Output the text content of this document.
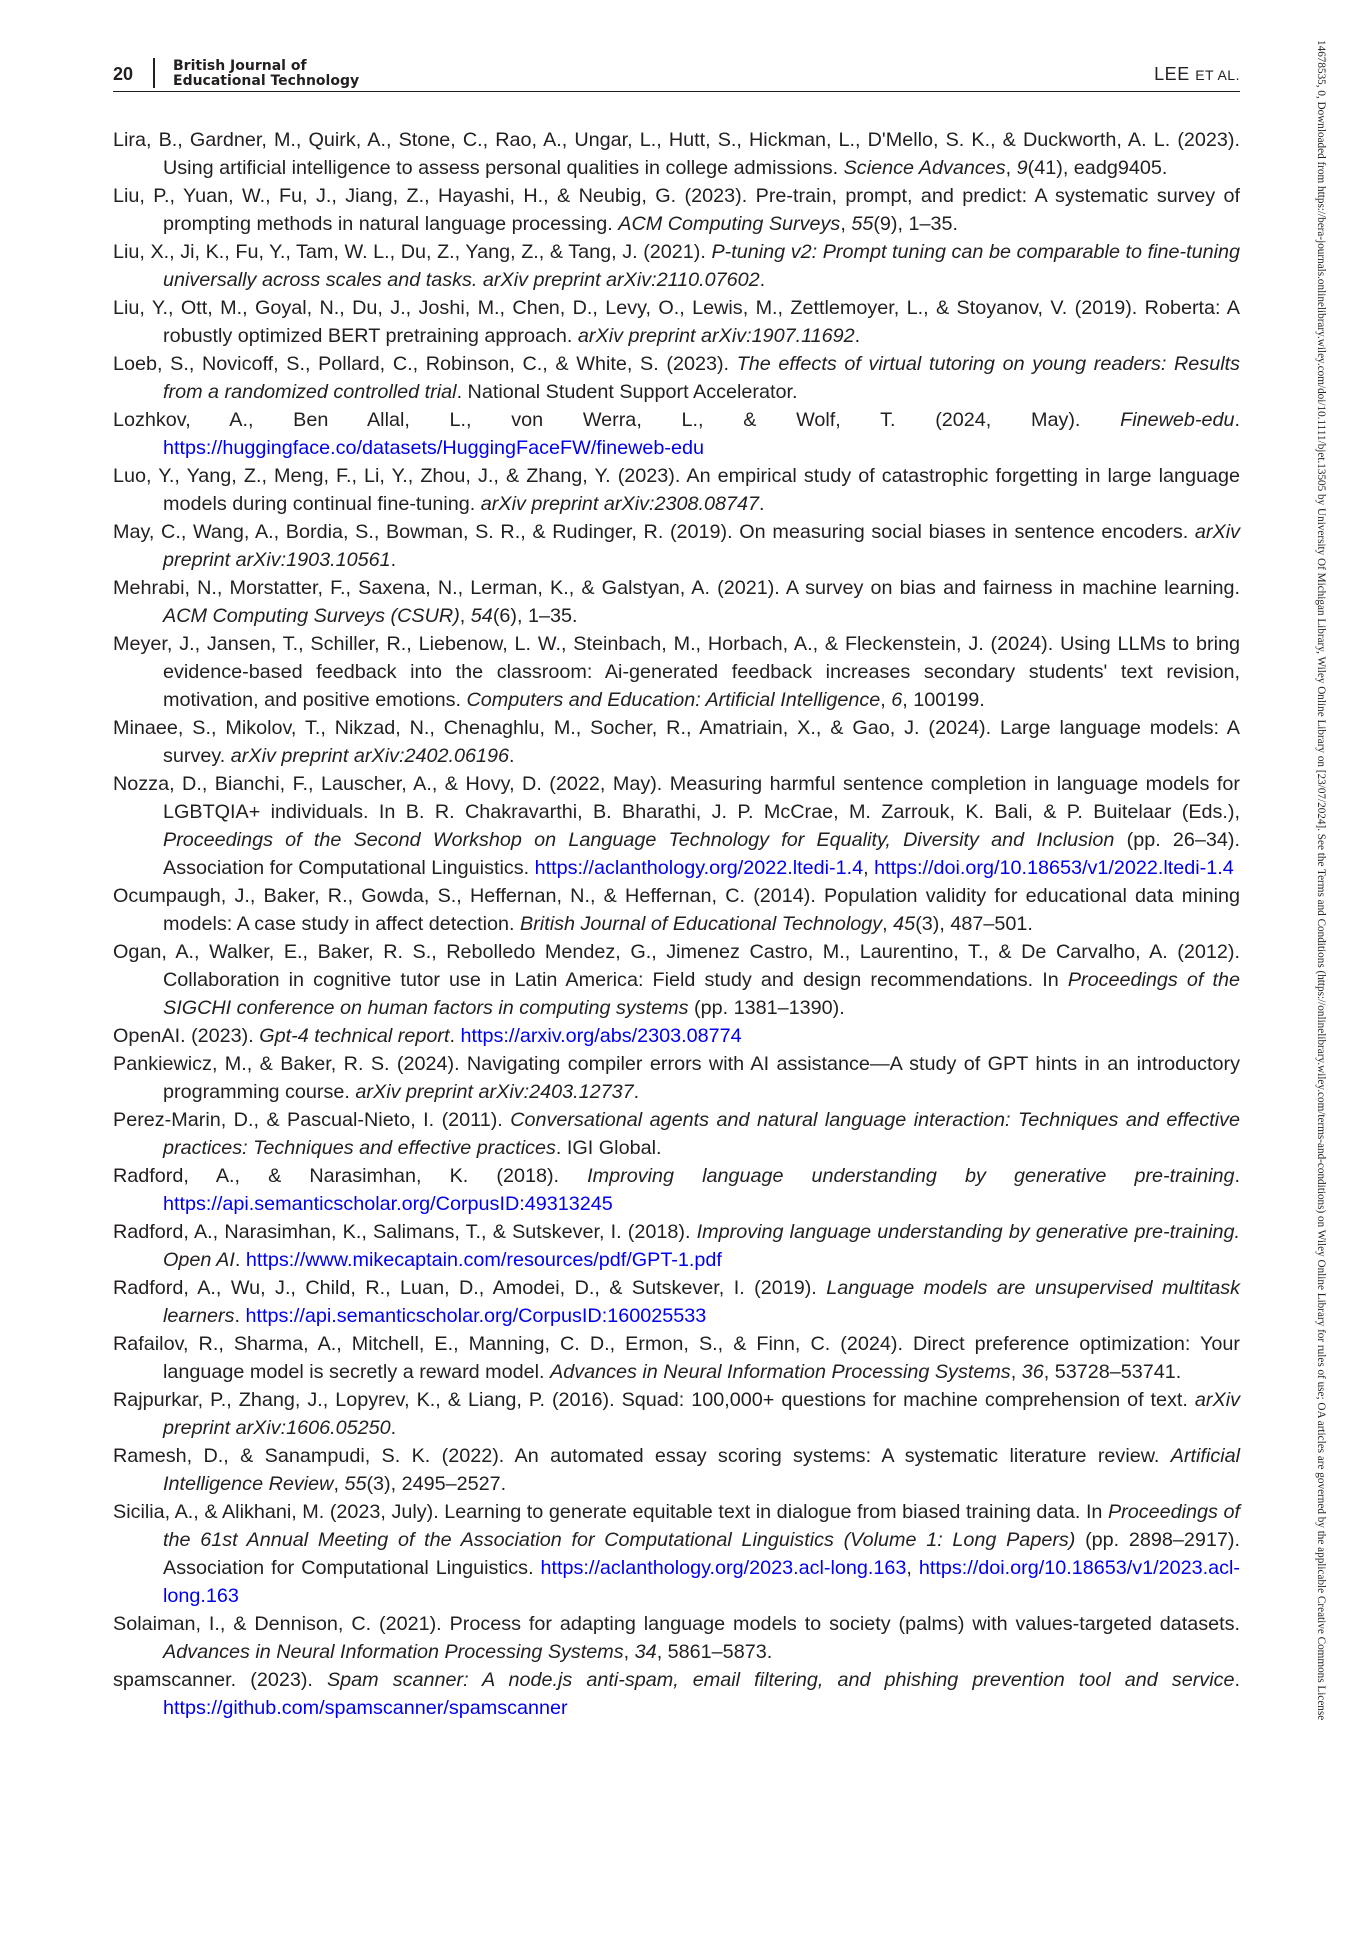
20	British Journal of
Educational Technology	LEE ET AL.

Lira, B., Gardner, M., Quirk, A., Stone, C., Rao, A., Ungar, L., Hutt, S., Hickman, L., D'Mello, S. K., & Duckworth, A. L. (2023). Using artificial intelligence to assess personal qualities in college admissions. Science Advances, 9(41), eadg9405.

Liu, P., Yuan, W., Fu, J., Jiang, Z., Hayashi, H., & Neubig, G. (2023). Pre-train, prompt, and predict: A systematic survey of prompting methods in natural language processing. ACM Computing Surveys, 55(9), 1–35.

Liu, X., Ji, K., Fu, Y., Tam, W. L., Du, Z., Yang, Z., & Tang, J. (2021). P-tuning v2: Prompt tuning can be comparable to fine-tuning universally across scales and tasks. arXiv preprint arXiv:2110.07602.

Liu, Y., Ott, M., Goyal, N., Du, J., Joshi, M., Chen, D., Levy, O., Lewis, M., Zettlemoyer, L., & Stoyanov, V. (2019). Roberta: A robustly optimized BERT pretraining approach. arXiv preprint arXiv:1907.11692.

Loeb, S., Novicoff, S., Pollard, C., Robinson, C., & White, S. (2023). The effects of virtual tutoring on young readers: Results from a randomized controlled trial. National Student Support Accelerator.

Lozhkov, A., Ben Allal, L., von Werra, L., & Wolf, T. (2024, May). Fineweb-edu. https://huggingface.co/datasets/HuggingFaceFW/fineweb-edu

Luo, Y., Yang, Z., Meng, F., Li, Y., Zhou, J., & Zhang, Y. (2023). An empirical study of catastrophic forgetting in large language models during continual fine-tuning. arXiv preprint arXiv:2308.08747.

May, C., Wang, A., Bordia, S., Bowman, S. R., & Rudinger, R. (2019). On measuring social biases in sentence encoders. arXiv preprint arXiv:1903.10561.

Mehrabi, N., Morstatter, F., Saxena, N., Lerman, K., & Galstyan, A. (2021). A survey on bias and fairness in machine learning. ACM Computing Surveys (CSUR), 54(6), 1–35.

Meyer, J., Jansen, T., Schiller, R., Liebenow, L. W., Steinbach, M., Horbach, A., & Fleckenstein, J. (2024). Using LLMs to bring evidence-based feedback into the classroom: Ai-generated feedback increases secondary students' text revision, motivation, and positive emotions. Computers and Education: Artificial Intelligence, 6, 100199.

Minaee, S., Mikolov, T., Nikzad, N., Chenaghlu, M., Socher, R., Amatriain, X., & Gao, J. (2024). Large language models: A survey. arXiv preprint arXiv:2402.06196.

Nozza, D., Bianchi, F., Lauscher, A., & Hovy, D. (2022, May). Measuring harmful sentence completion in language models for LGBTQIA+ individuals. In B. R. Chakravarthi, B. Bharathi, J. P. McCrae, M. Zarrouk, K. Bali, & P. Buitelaar (Eds.), Proceedings of the Second Workshop on Language Technology for Equality, Diversity and Inclusion (pp. 26–34). Association for Computational Linguistics. https://aclanthology.org/2022.ltedi-1.4, https://doi.org/10.18653/v1/2022.ltedi-1.4

Ocumpaugh, J., Baker, R., Gowda, S., Heffernan, N., & Heffernan, C. (2014). Population validity for educational data mining models: A case study in affect detection. British Journal of Educational Technology, 45(3), 487–501.

Ogan, A., Walker, E., Baker, R. S., Rebolledo Mendez, G., Jimenez Castro, M., Laurentino, T., & De Carvalho, A. (2012). Collaboration in cognitive tutor use in Latin America: Field study and design recommendations. In Proceedings of the SIGCHI conference on human factors in computing systems (pp. 1381–1390).

OpenAI. (2023). Gpt-4 technical report. https://arxiv.org/abs/2303.08774

Pankiewicz, M., & Baker, R. S. (2024). Navigating compiler errors with AI assistance—A study of GPT hints in an introductory programming course. arXiv preprint arXiv:2403.12737.

Perez-Marin, D., & Pascual-Nieto, I. (2011). Conversational agents and natural language interaction: Techniques and effective practices: Techniques and effective practices. IGI Global.

Radford, A., & Narasimhan, K. (2018). Improving language understanding by generative pre-training. https://api.semanticscholar.org/CorpusID:49313245

Radford, A., Narasimhan, K., Salimans, T., & Sutskever, I. (2018). Improving language understanding by generative pre-training. Open AI. https://www.mikecaptain.com/resources/pdf/GPT-1.pdf

Radford, A., Wu, J., Child, R., Luan, D., Amodei, D., & Sutskever, I. (2019). Language models are unsupervised multitask learners. https://api.semanticscholar.org/CorpusID:160025533

Rafailov, R., Sharma, A., Mitchell, E., Manning, C. D., Ermon, S., & Finn, C. (2024). Direct preference optimization: Your language model is secretly a reward model. Advances in Neural Information Processing Systems, 36, 53728–53741.

Rajpurkar, P., Zhang, J., Lopyrev, K., & Liang, P. (2016). Squad: 100,000+ questions for machine comprehension of text. arXiv preprint arXiv:1606.05250.

Ramesh, D., & Sanampudi, S. K. (2022). An automated essay scoring systems: A systematic literature review. Artificial Intelligence Review, 55(3), 2495–2527.

Sicilia, A., & Alikhani, M. (2023, July). Learning to generate equitable text in dialogue from biased training data. In Proceedings of the 61st Annual Meeting of the Association for Computational Linguistics (Volume 1: Long Papers) (pp. 2898–2917). Association for Computational Linguistics. https://aclanthology.org/2023.acl-long.163, https://doi.org/10.18653/v1/2023.acl-long.163

Solaiman, I., & Dennison, C. (2021). Process for adapting language models to society (palms) with values-targeted datasets. Advances in Neural Information Processing Systems, 34, 5861–5873.

spamscanner. (2023). Spam scanner: A node.js anti-spam, email filtering, and phishing prevention tool and service. https://github.com/spamscanner/spamscanner	14678535, 0, Downloaded from https://bera-journals.onlinelibrary.wiley.com/doi/10.1111/bjet.13505 by University Of Michigan Library, Wiley Online Library on [23/07/2024]. See the Terms and Conditions (https://onlinelibrary.wiley.com/terms-and-conditions) on Wiley Online Library for rules of use; OA articles are governed by the applicable Creative Commons License
